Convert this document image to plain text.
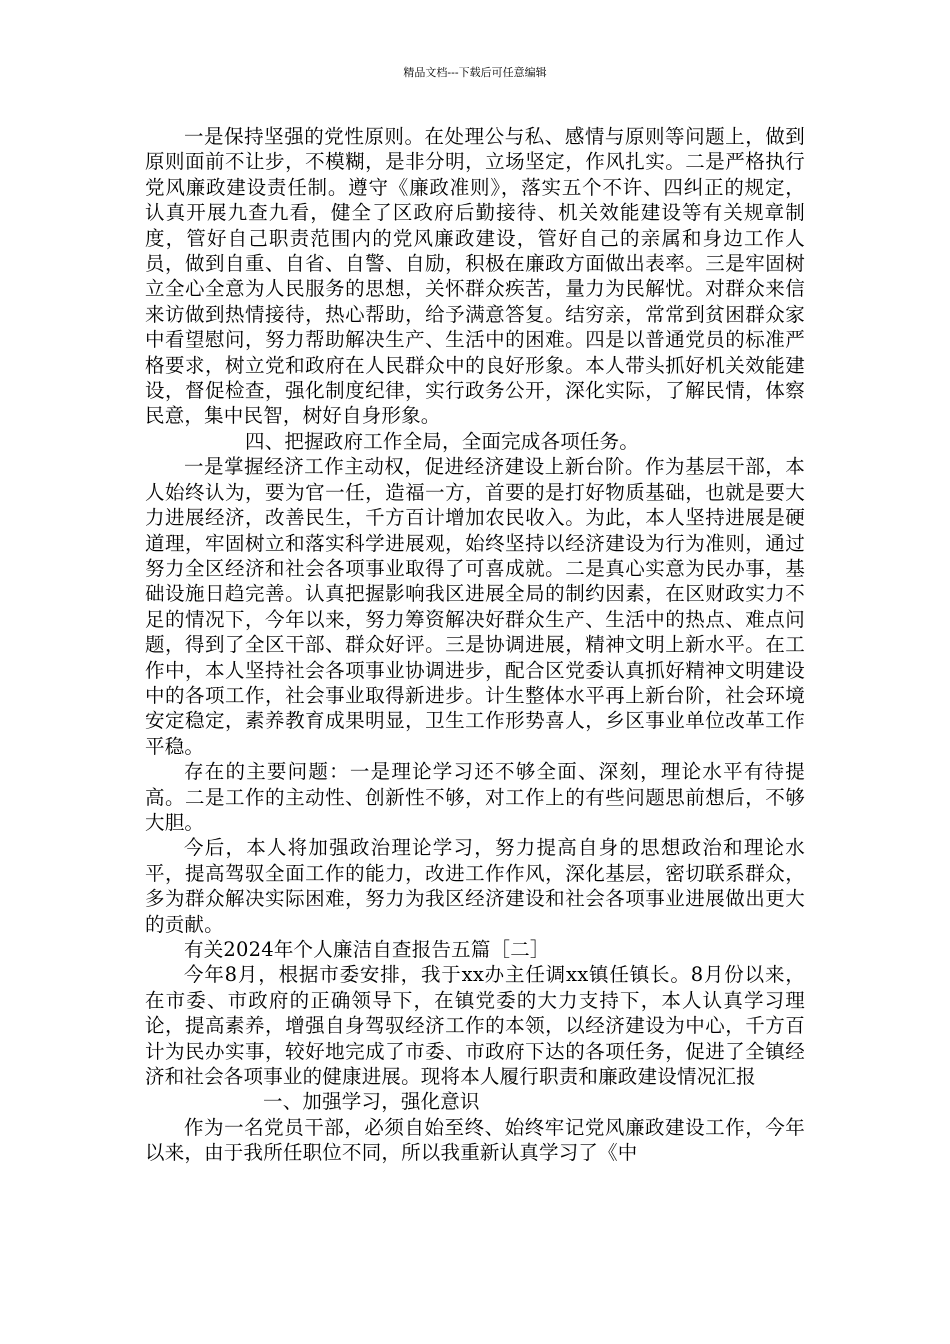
精品文档---下载后可任意编辑

一是保持坚强的党性原则。在处理公与私、感情与原则等问题上，做到原则面前不让步，不模糊，是非分明，立场坚定，作风扎实。二是严格执行党风廉政建设责任制。遵守《廉政准则》，落实五个不许、四纠正的规定，认真开展九查九看，健全了区政府后勤接待、机关效能建设等有关规章制度，管好自己职责范围内的党风廉政建设，管好自己的亲属和身边工作人员，做到自重、自省、自警、自励，积极在廉政方面做出表率。三是牢固树立全心全意为人民服务的思想，关怀群众疾苦，量力为民解忧。对群众来信来访做到热情接待，热心帮助，给予满意答复。结穷亲，常常到贫困群众家中看望慰问，努力帮助解决生产、生活中的困难。四是以普通党员的标准严格要求，树立党和政府在人民群众中的良好形象。本人带头抓好机关效能建设，督促检查，强化制度纪律，实行政务公开，深化实际，了解民情，体察民意，集中民智，树好自身形象。

四、把握政府工作全局，全面完成各项任务。

一是掌握经济工作主动权，促进经济建设上新台阶。作为基层干部，本人始终认为，要为官一任，造福一方，首要的是打好物质基础，也就是要大力进展经济，改善民生，千方百计增加农民收入。为此，本人坚持进展是硬道理，牢固树立和落实科学进展观，始终坚持以经济建设为行为准则，通过努力全区经济和社会各项事业取得了可喜成就。二是真心实意为民办事，基础设施日趋完善。认真把握影响我区进展全局的制约因素，在区财政实力不足的情况下，今年以来，努力筹资解决好群众生产、生活中的热点、难点问题，得到了全区干部、群众好评。三是协调进展，精神文明上新水平。在工作中，本人坚持社会各项事业协调进步，配合区党委认真抓好精神文明建设中的各项工作，社会事业取得新进步。计生整体水平再上新台阶，社会环境安定稳定，素养教育成果明显，卫生工作形势喜人，乡区事业单位改革工作平稳。

存在的主要问题：一是理论学习还不够全面、深刻，理论水平有待提高。二是工作的主动性、创新性不够，对工作上的有些问题思前想后，不够大胆。

今后，本人将加强政治理论学习，努力提高自身的思想政治和理论水平，提高驾驭全面工作的能力，改进工作作风，深化基层，密切联系群众，多为群众解决实际困难，努力为我区经济建设和社会各项事业进展做出更大的贡献。

有关2024年个人廉洁自查报告五篇［二］

今年8月，根据市委安排，我于xx办主任调xx镇任镇长。8月份以来，在市委、市政府的正确领导下，在镇党委的大力支持下，本人认真学习理论，提高素养，增强自身驾驭经济工作的本领，以经济建设为中心，千方百计为民办实事，较好地完成了市委、市政府下达的各项任务，促进了全镇经济和社会各项事业的健康进展。现将本人履行职责和廉政建设情况汇报

一、加强学习，强化意识

作为一名党员干部，必须自始至终、始终牢记党风廉政建设工作，今年以来，由于我所任职位不同，所以我重新认真学习了《中
